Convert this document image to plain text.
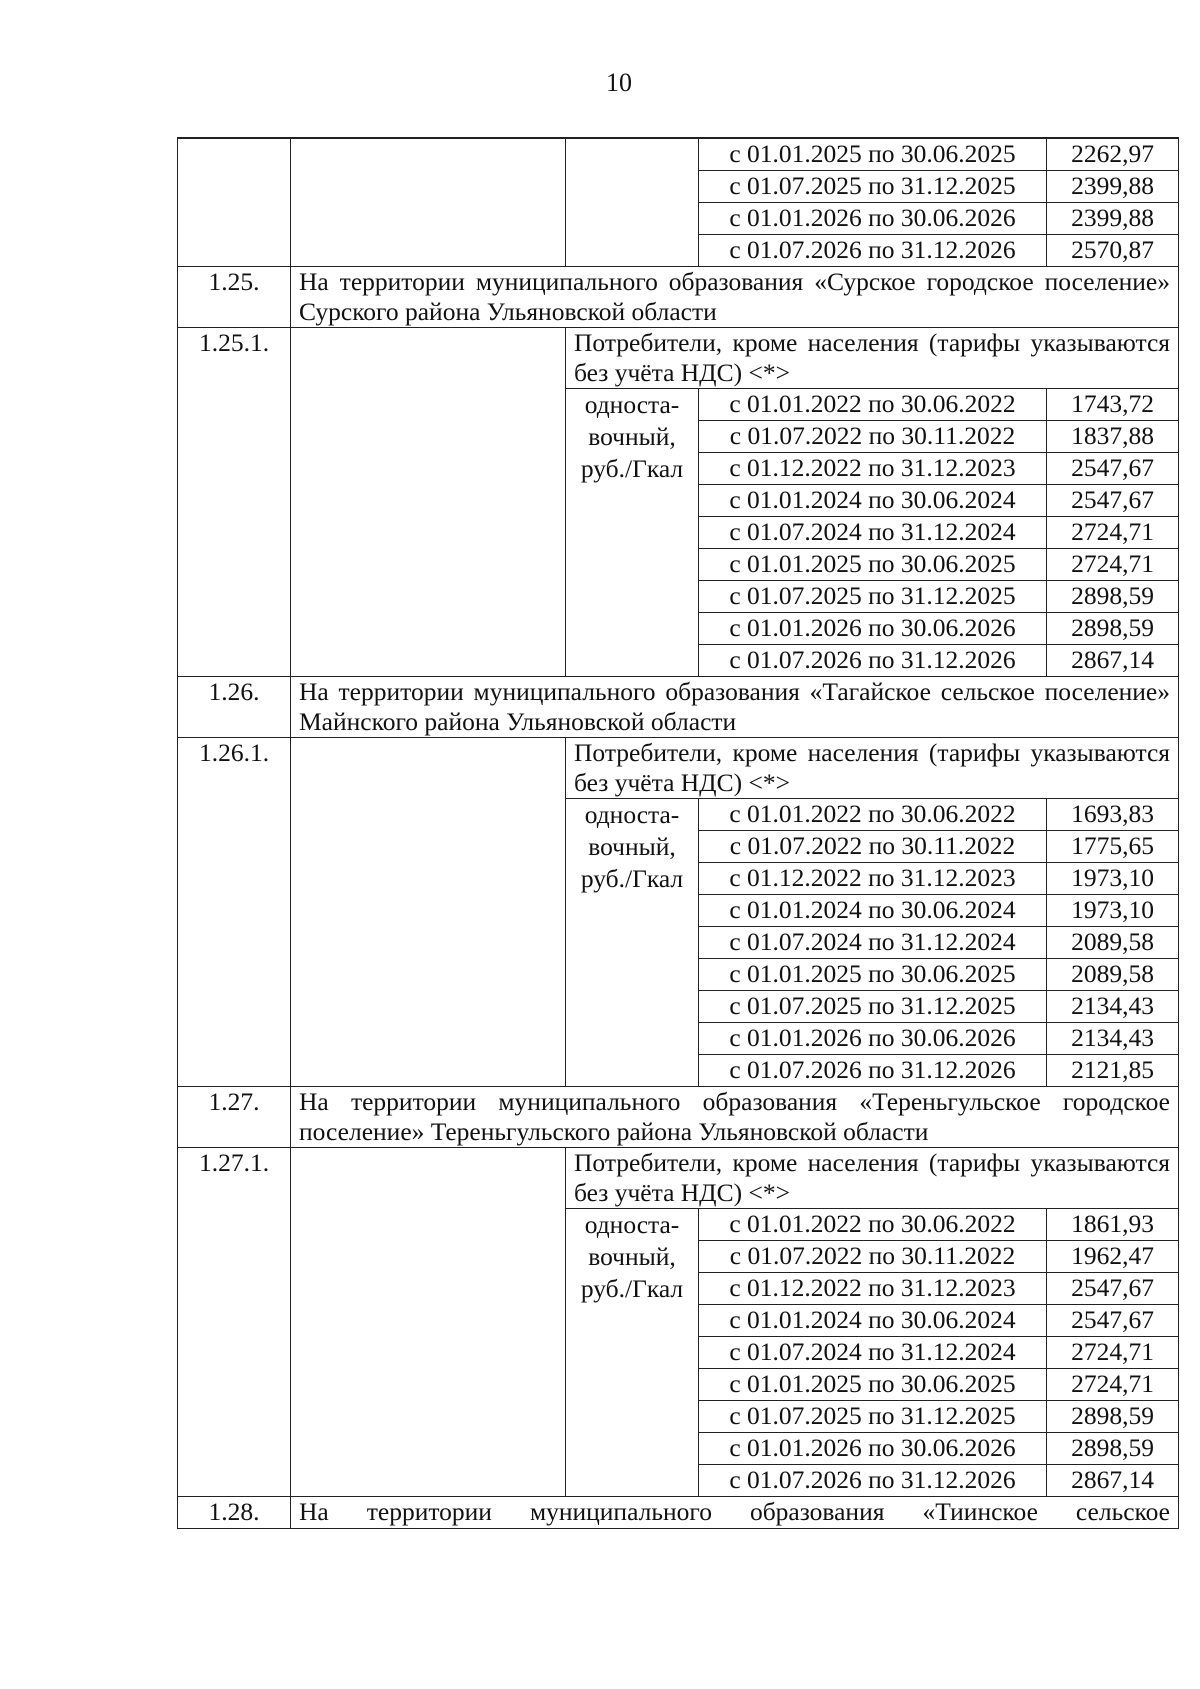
10
			с 01.01.2025 по 30.06.2025	2262,97
			с 01.07.2025 по 31.12.2025	2399,88
			с 01.01.2026 по 30.06.2026	2399,88
			с 01.07.2026 по 31.12.2026	2570,87
1.25.	На территории муниципального образования «Сурское городское поселение» Сурского района Ульяновской области			
1.25.1.		Потребители, кроме населения (тарифы указываются без учёта НДС) <*>		
		односта-
вочный,
руб./Гкал	с 01.01.2022 по 30.06.2022	1743,72
			с 01.07.2022 по 30.11.2022	1837,88
			с 01.12.2022 по 31.12.2023	2547,67
			с 01.01.2024 по 30.06.2024	2547,67
			с 01.07.2024 по 31.12.2024	2724,71
			с 01.01.2025 по 30.06.2025	2724,71
			с 01.07.2025 по 31.12.2025	2898,59
			с 01.01.2026 по 30.06.2026	2898,59
			с 01.07.2026 по 31.12.2026	2867,14
1.26.	На территории муниципального образования «Тагайское сельское поселение» Майнского района Ульяновской области			
1.26.1.		Потребители, кроме населения (тарифы указываются без учёта НДС) <*>		
		односта-
вочный,
руб./Гкал	с 01.01.2022 по 30.06.2022	1693,83
			с 01.07.2022 по 30.11.2022	1775,65
			с 01.12.2022 по 31.12.2023	1973,10
			с 01.01.2024 по 30.06.2024	1973,10
			с 01.07.2024 по 31.12.2024	2089,58
			с 01.01.2025 по 30.06.2025	2089,58
			с 01.07.2025 по 31.12.2025	2134,43
			с 01.01.2026 по 30.06.2026	2134,43
			с 01.07.2026 по 31.12.2026	2121,85
1.27.	На территории муниципального образования «Тереньгульское городское поселение» Тереньгульского района Ульяновской области			
1.27.1.		Потребители, кроме населения (тарифы указываются без учёта НДС) <*>		
		односта-
вочный,
руб./Гкал	с 01.01.2022 по 30.06.2022	1861,93
			с 01.07.2022 по 30.11.2022	1962,47
			с 01.12.2022 по 31.12.2023	2547,67
			с 01.01.2024 по 30.06.2024	2547,67
			с 01.07.2024 по 31.12.2024	2724,71
			с 01.01.2025 по 30.06.2025	2724,71
			с 01.07.2025 по 31.12.2025	2898,59
			с 01.01.2026 по 30.06.2026	2898,59
			с 01.07.2026 по 31.12.2026	2867,14
1.28.	На территории муниципального образования «Тиинское сельское			
